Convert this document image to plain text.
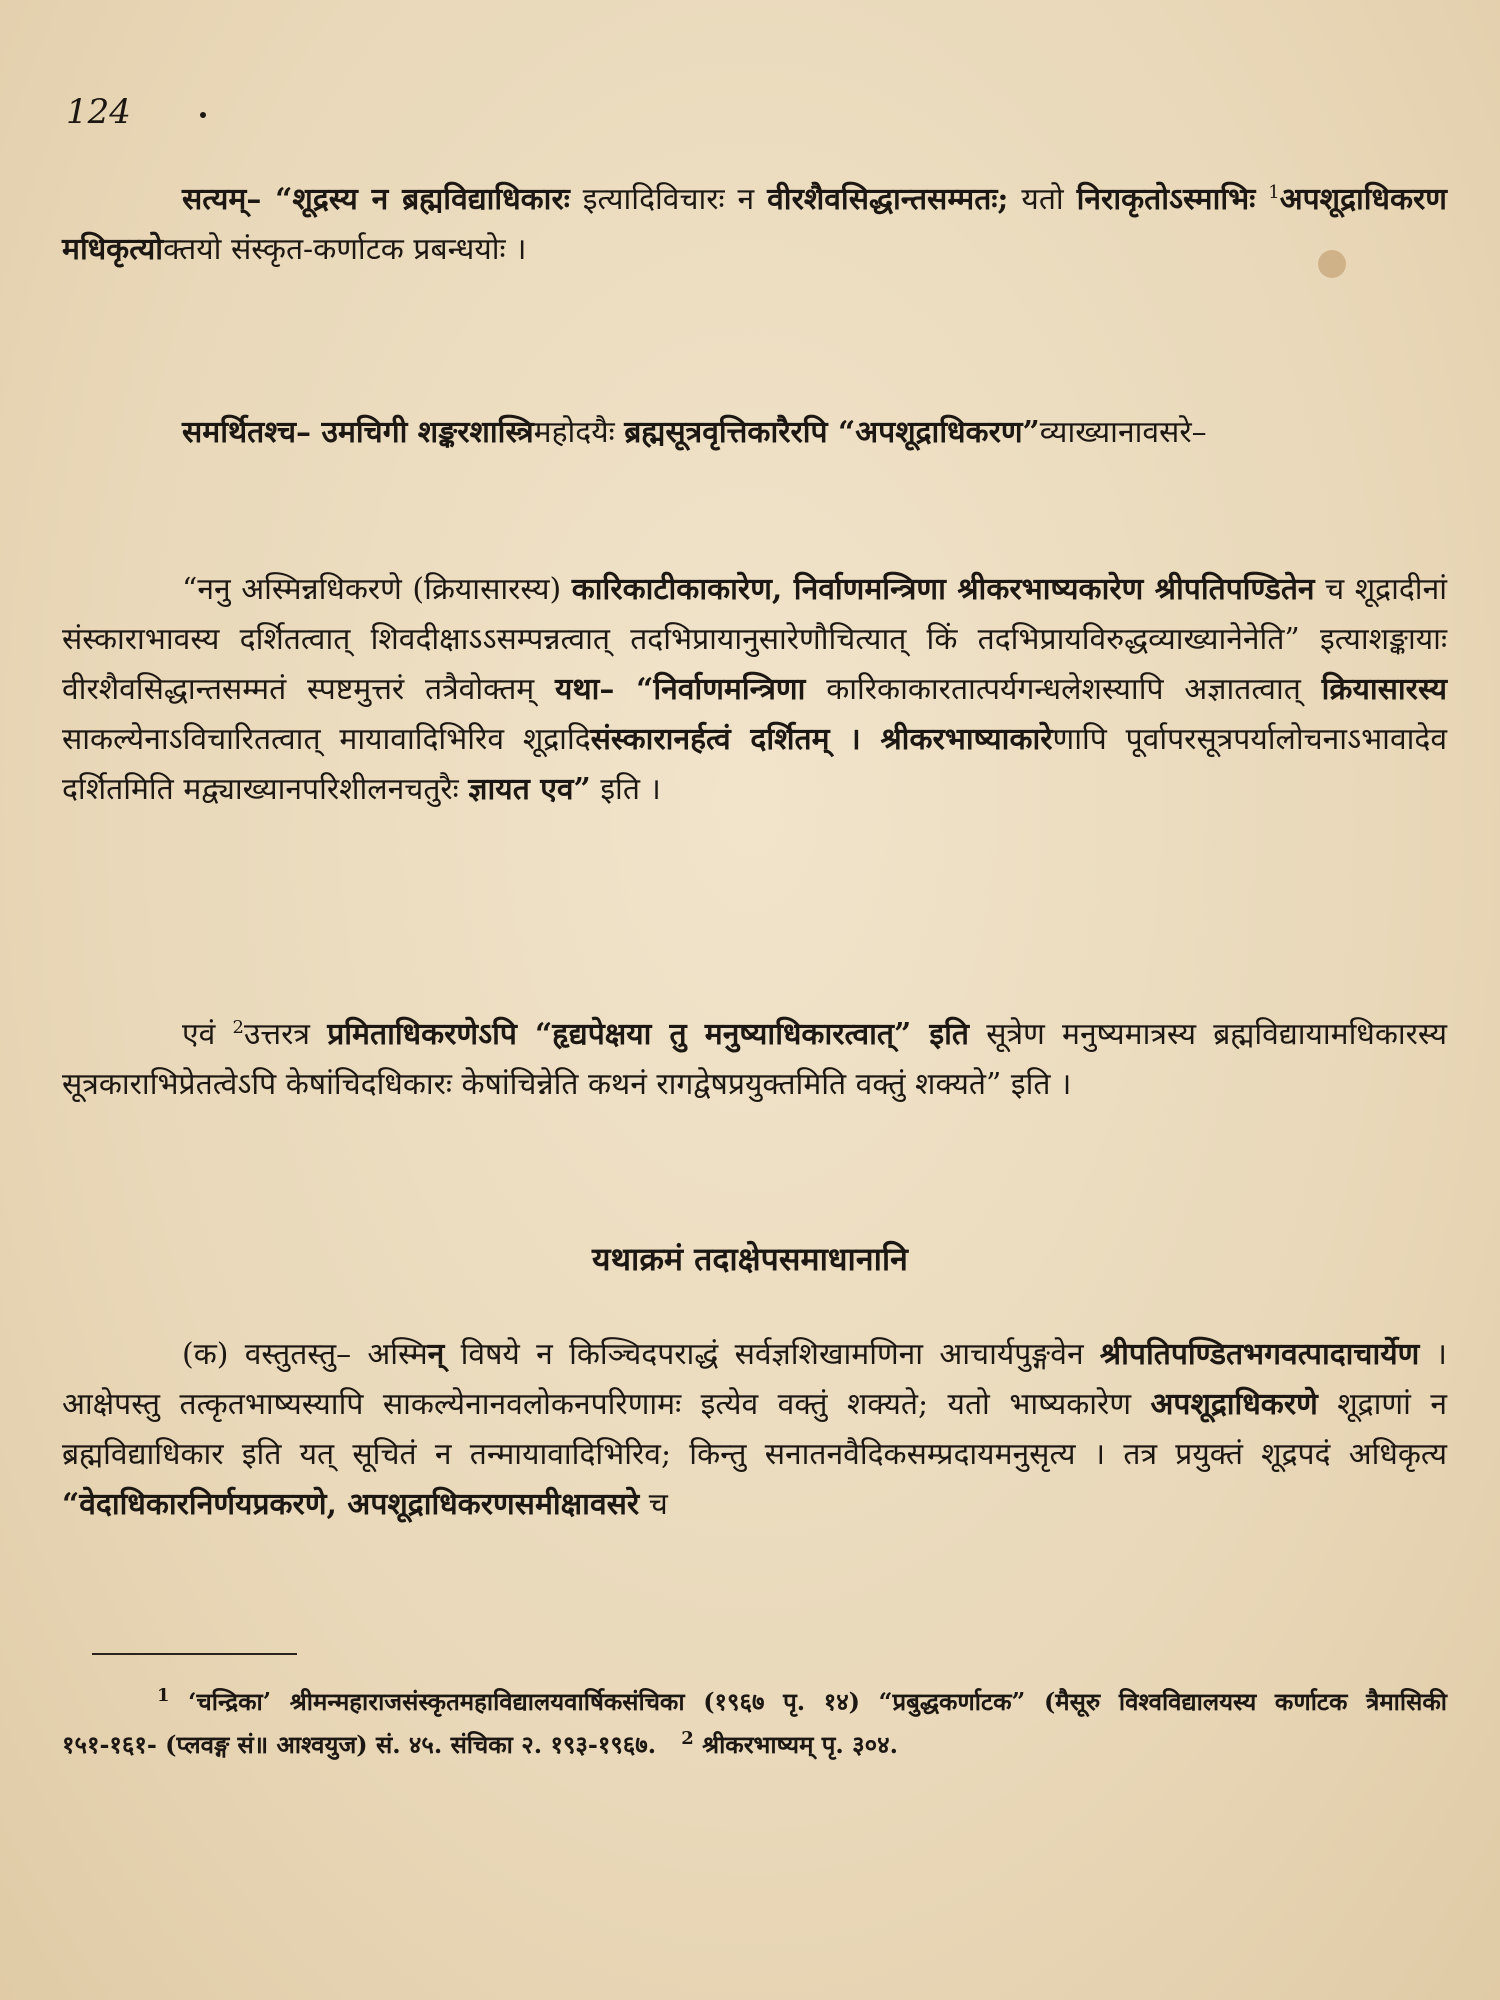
124
सत्यम्– “शूद्रस्य न ब्रह्मविद्याधिकारः इत्यादिविचारः न वीरशैवसिद्धान्तसम्मतः; यतो निराकृतोऽस्माभिः $^1$अपशूद्राधिकरण मधिकृत्योक्तयो संस्कृत-कर्णाटक प्रबन्धयोः ।
समर्थितश्च– उमचिगी शङ्करशास्त्रिमहोदयैः ब्रह्मसूत्रवृत्तिकारैरपि “अपशूद्राधिकरण”व्याख्यानावसरे–
“ननु अस्मिन्नधिकरणे (क्रियासारस्य) कारिकाटीकाकारेण, निर्वाणमन्त्रिणा श्रीकरभाष्यकारेण श्रीपतिपण्डितेन च शूद्रादीनां संस्काराभावस्य दर्शितत्वात् शिवदीक्षाऽऽसम्पन्नत्वात् तदभिप्रायानुसारेणौचित्यात् किं तदभिप्रायविरुद्धव्याख्यानेनेति” इत्याशङ्कायाः वीरशैवसिद्धान्तसम्मतं स्पष्टमुत्तरं तत्रैवोक्तम् यथा– “निर्वाणमन्त्रिणा कारिकाकारतात्पर्यगन्धलेशस्यापि अज्ञातत्वात् क्रियासारस्य साकल्येनाऽविचारितत्वात् मायावादिभिरिव शूद्रादिसंस्कारानर्हत्वं दर्शितम् । श्रीकरभाष्याकारेणापि पूर्वापरसूत्रपर्यालोचनाऽभावादेव दर्शितमिति मद्व्याख्यानपरिशीलनचतुरैः ज्ञायत एव” इति ।
एवं $^2$उत्तरत्र प्रमिताधिकरणेऽपि “हृद्यपेक्षया तु मनुष्याधिकारत्वात्” इति सूत्रेण मनुष्यमात्रस्य ब्रह्मविद्यायामधिकारस्य सूत्रकाराभिप्रेतत्वेऽपि केषांचिदधिकारः केषांचिन्नेति कथनं रागद्वेषप्रयुक्तमिति वक्तुं शक्यते” इति ।
यथाक्रमं तदाक्षेपसमाधानानि
(क) वस्तुतस्तु– अस्मिन् विषये न किञ्चिदपराद्धं सर्वज्ञशिखामणिना आचार्यपुङ्गवेन श्रीपतिपण्डितभगवत्पादाचार्येण । आक्षेपस्तु तत्कृतभाष्यस्यापि साकल्येनानवलोकनपरिणामः इत्येव वक्तुं शक्यते; यतो भाष्यकारेण अपशूद्राधिकरणे शूद्राणां न ब्रह्मविद्याधिकार इति यत् सूचितं न तन्मायावादिभिरिव; किन्तु सनातनवैदिकसम्प्रदायमनुसृत्य । तत्र प्रयुक्तं शूद्रपदं अधिकृत्य “वेदाधिकारनिर्णयप्रकरणे, अपशूद्राधिकरणसमीक्षावसरे च
$^1$ ‘चन्द्रिका’ श्रीमन्महाराजसंस्कृतमहाविद्यालयवार्षिकसंचिका (१९६७ पृ. १४) “प्रबुद्धकर्णाटक” (मैसूरु विश्वविद्यालयस्य कर्णाटक त्रैमासिकी १५१-१६१- (प्लवङ्ग सं॥ आश्वयुज) सं. ४५. संचिका २. १९३-१९६७. $^2$ श्रीकरभाष्यम् पृ. ३०४.
